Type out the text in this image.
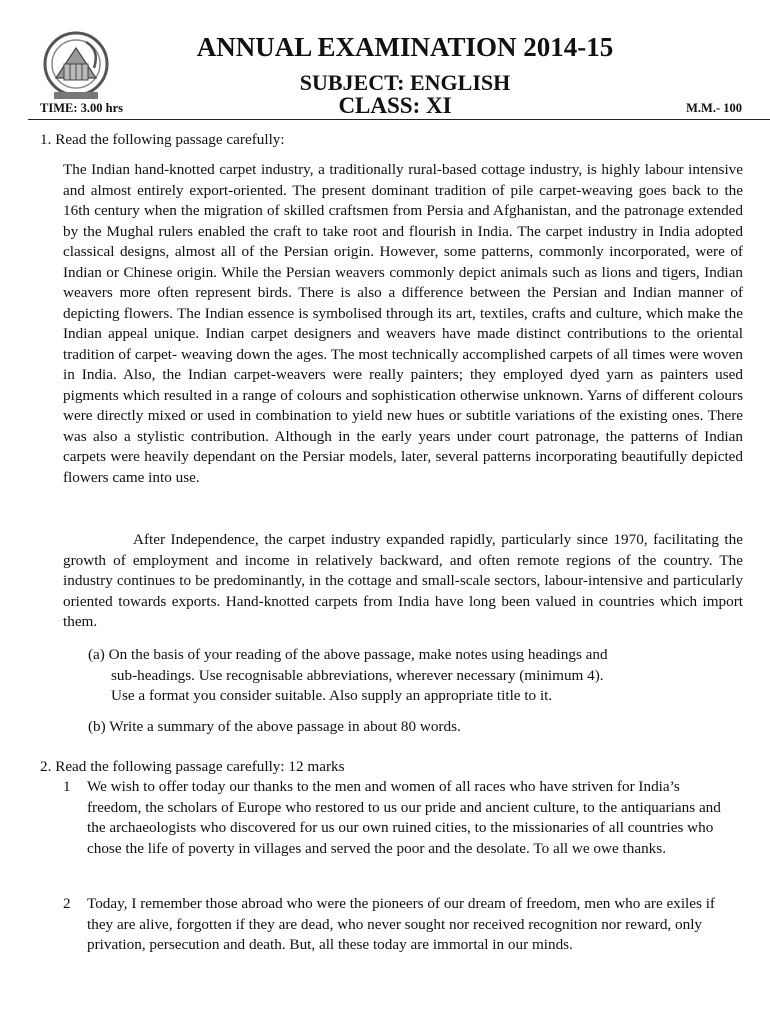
ANNUAL EXAMINATION 2014-15
SUBJECT: ENGLISH
CLASS: XI
TIME: 3.00 hrs	M.M.- 100

1. Read the following passage carefully:

The Indian hand-knotted carpet industry, a traditionally rural-based cottage industry, is highly labour intensive and almost entirely export-oriented. The present dominant tradition of pile carpet-weaving goes back to the 16th century when the migration of skilled craftsmen from Persia and Afghanistan, and the patronage extended by the Mughal rulers enabled the craft to take root and flourish in India. The carpet industry in India adopted classical designs, almost all of the Persian origin. However, some patterns, commonly incorporated, were of Indian or Chinese origin. While the Persian weavers commonly depict animals such as lions and tigers, Indian weavers more often represent birds. There is also a difference between the Persian and Indian manner of depicting flowers. The Indian essence is symbolised through its art, textiles, crafts and culture, which make the Indian appeal unique. Indian carpet designers and weavers have made distinct contributions to the oriental tradition of carpet- weaving down the ages. The most technically accomplished carpets of all times were woven in India. Also, the Indian carpet-weavers were really painters; they employed dyed yarn as painters used pigments which resulted in a range of colours and sophistication otherwise unknown. Yarns of different colours were directly mixed or used in combination to yield new hues or subtitle variations of the existing ones. There was also a stylistic contribution. Although in the early years under court patronage, the patterns of Indian carpets were heavily dependant on the Persiar models, later, several patterns incorporating beautifully depicted flowers came into use.

After Independence, the carpet industry expanded rapidly, particularly since 1970, facilitating the growth of employment and income in relatively backward, and often remote regions of the country. The industry continues to be predominantly, in the cottage and small-scale sectors, labour-intensive and particularly oriented towards exports. Hand-knotted carpets from India have long been valued in countries which import them.

(a) On the basis of your reading of the above passage, make notes using headings and
sub-headings. Use recognisable abbreviations, wherever necessary (minimum 4).
Use a format you consider suitable. Also supply an appropriate title to it.

(b) Write a summary of the above passage in about 80 words.

2. Read the following passage carefully: 12 marks

1 We wish to offer today our thanks to the men and women of all races who have striven for India’s freedom, the scholars of Europe who restored to us our pride and ancient culture, to the antiquarians and the archaeologists who discovered for us our own ruined cities, to the missionaries of all countries who chose the life of poverty in villages and served the poor and the desolate. To all we owe thanks.
2 Today, I remember those abroad who were the pioneers of our dream of freedom, men who are exiles if they are alive, forgotten if they are dead, who never sought nor received recognition nor reward, only privation, persecution and death. But, all these today are immortal in our minds.
